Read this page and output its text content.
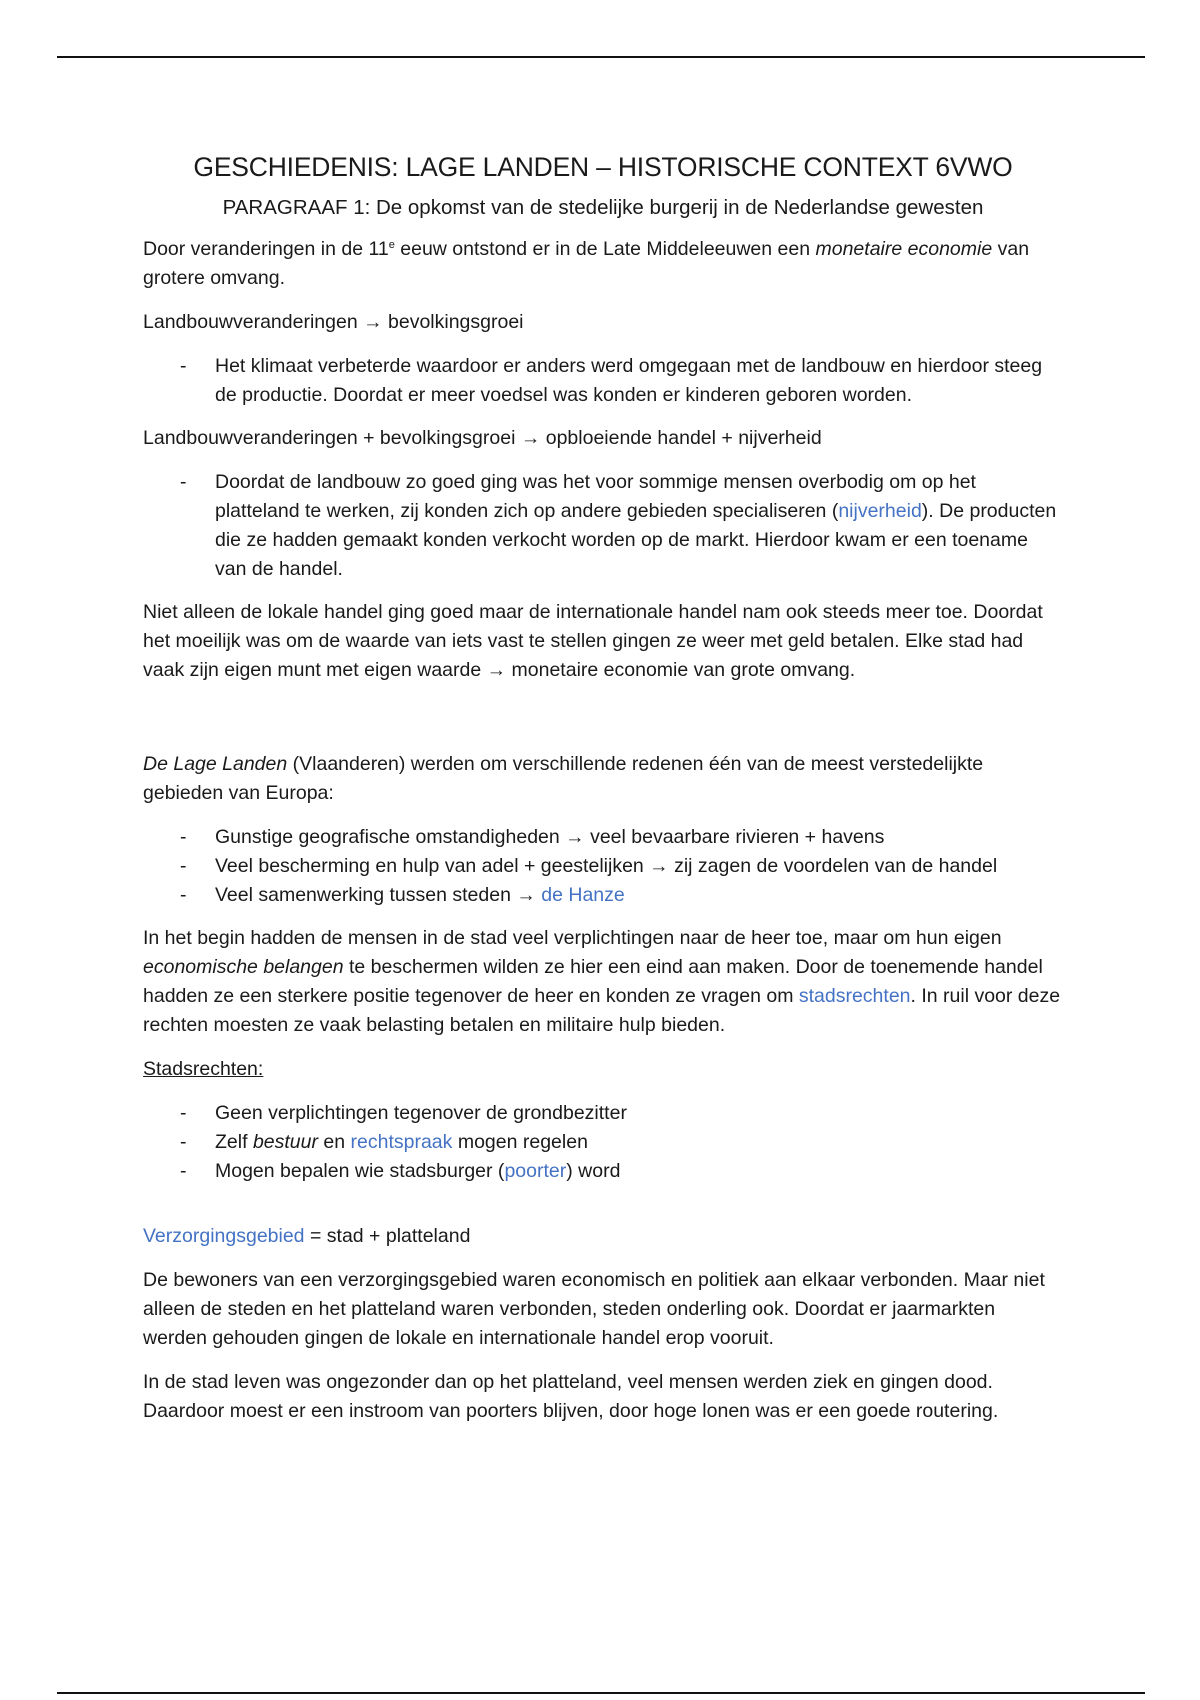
GESCHIEDENIS: LAGE LANDEN – HISTORISCHE CONTEXT 6VWO
PARAGRAAF 1: De opkomst van de stedelijke burgerij in de Nederlandse gewesten

Door veranderingen in de 11e eeuw ontstond er in de Late Middeleeuwen een monetaire economie van grotere omvang.

Landbouwveranderingen → bevolkingsgroei

- Het klimaat verbeterde waardoor er anders werd omgegaan met de landbouw en hierdoor steeg de productie. Doordat er meer voedsel was konden er kinderen geboren worden.

Landbouwveranderingen + bevolkingsgroei → opbloeiende handel + nijverheid

- Doordat de landbouw zo goed ging was het voor sommige mensen overbodig om op het platteland te werken, zij konden zich op andere gebieden specialiseren (nijverheid). De producten die ze hadden gemaakt konden verkocht worden op de markt. Hierdoor kwam er een toename van de handel.

Niet alleen de lokale handel ging goed maar de internationale handel nam ook steeds meer toe. Doordat het moeilijk was om de waarde van iets vast te stellen gingen ze weer met geld betalen. Elke stad had vaak zijn eigen munt met eigen waarde → monetaire economie van grote omvang.

De Lage Landen (Vlaanderen) werden om verschillende redenen één van de meest verstedelijkte gebieden van Europa:

- Gunstige geografische omstandigheden → veel bevaarbare rivieren + havens
- Veel bescherming en hulp van adel + geestelijken → zij zagen de voordelen van de handel
- Veel samenwerking tussen steden → de Hanze

In het begin hadden de mensen in de stad veel verplichtingen naar de heer toe, maar om hun eigen economische belangen te beschermen wilden ze hier een eind aan maken. Door de toenemende handel hadden ze een sterkere positie tegenover de heer en konden ze vragen om stadsrechten. In ruil voor deze rechten moesten ze vaak belasting betalen en militaire hulp bieden.

Stadsrechten:

- Geen verplichtingen tegenover de grondbezitter
- Zelf bestuur en rechtspraak mogen regelen
- Mogen bepalen wie stadsburger (poorter) word

Verzorgingsgebied = stad + platteland

De bewoners van een verzorgingsgebied waren economisch en politiek aan elkaar verbonden. Maar niet alleen de steden en het platteland waren verbonden, steden onderling ook. Doordat er jaarmarkten werden gehouden gingen de lokale en internationale handel erop vooruit.

In de stad leven was ongezonder dan op het platteland, veel mensen werden ziek en gingen dood. Daardoor moest er een instroom van poorters blijven, door hoge lonen was er een goede routering.
